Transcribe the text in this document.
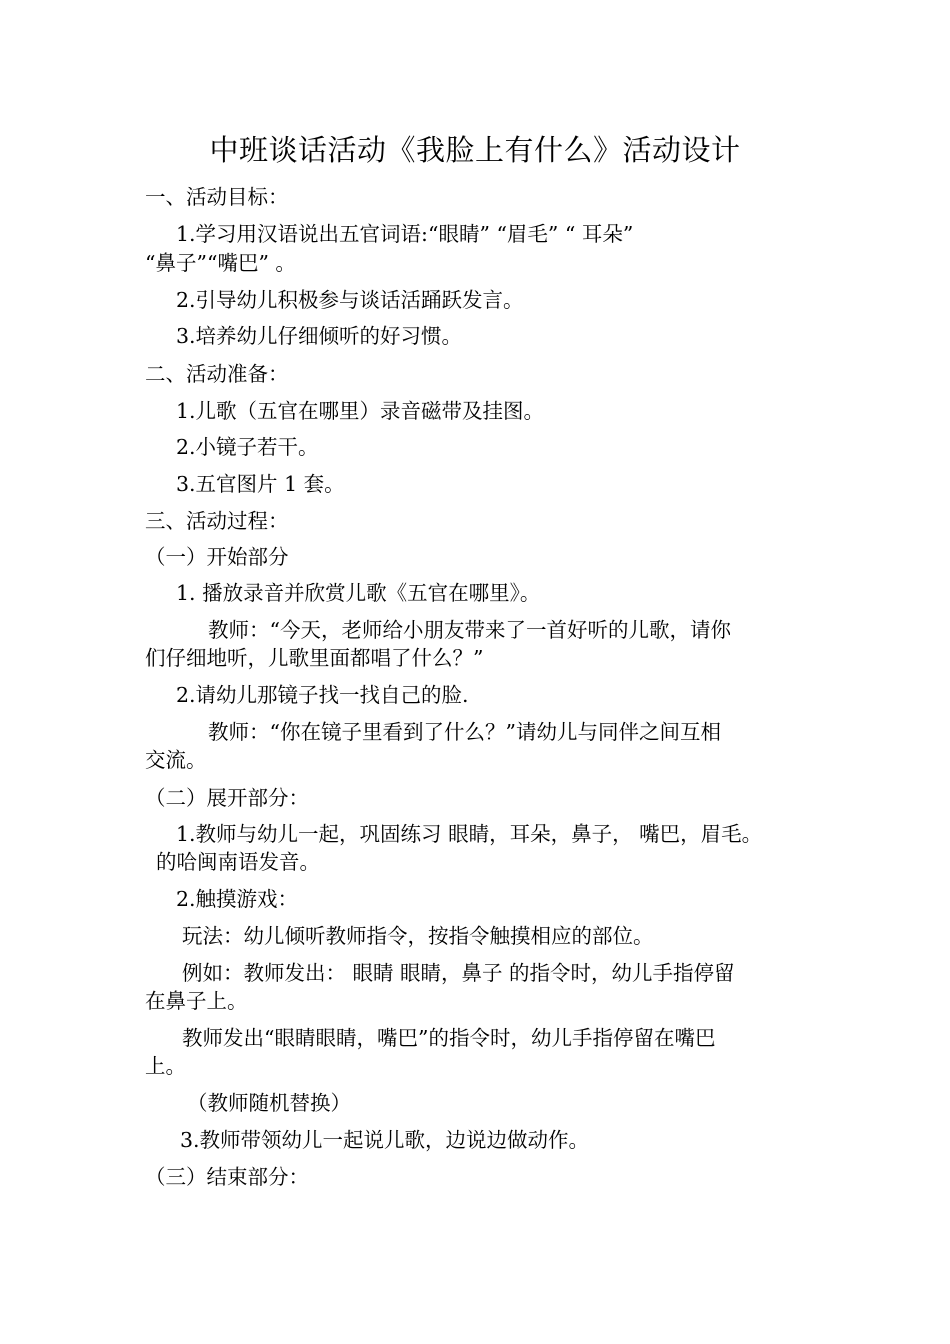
中班谈话活动《我脸上有什么》活动设计
一、活动目标：
1.学习用汉语说出五官词语:“眼睛” “眉毛” “ 耳朵”
“鼻子”“嘴巴” 。
2.引导幼儿积极参与谈话活踊跃发言。
3.培养幼儿仔细倾听的好习惯。
二、活动准备：
1.儿歌（五官在哪里）录音磁带及挂图。
2.小镜子若干。
3.五官图片 1 套。
三、活动过程：
（一）开始部分
1. 播放录音并欣赏儿歌《五官在哪里》。
教师：“今天，老师给小朋友带来了一首好听的儿歌，请你
们仔细地听，儿歌里面都唱了什么？”
2.请幼儿那镜子找一找自己的脸.
教师：“你在镜子里看到了什么？”请幼儿与同伴之间互相
交流。
（二）展开部分：
1.教师与幼儿一起，巩固练习 眼睛，耳朵，鼻子， 嘴巴，眉毛。
的哈闽南语发音。
2.触摸游戏：
玩法：幼儿倾听教师指令，按指令触摸相应的部位。
例如：教师发出： 眼睛 眼睛，鼻子 的指令时，幼儿手指停留
在鼻子上。
教师发出“眼睛眼睛，嘴巴”的指令时，幼儿手指停留在嘴巴
上。
（教师随机替换）
3.教师带领幼儿一起说儿歌，边说边做动作。
（三）结束部分：
